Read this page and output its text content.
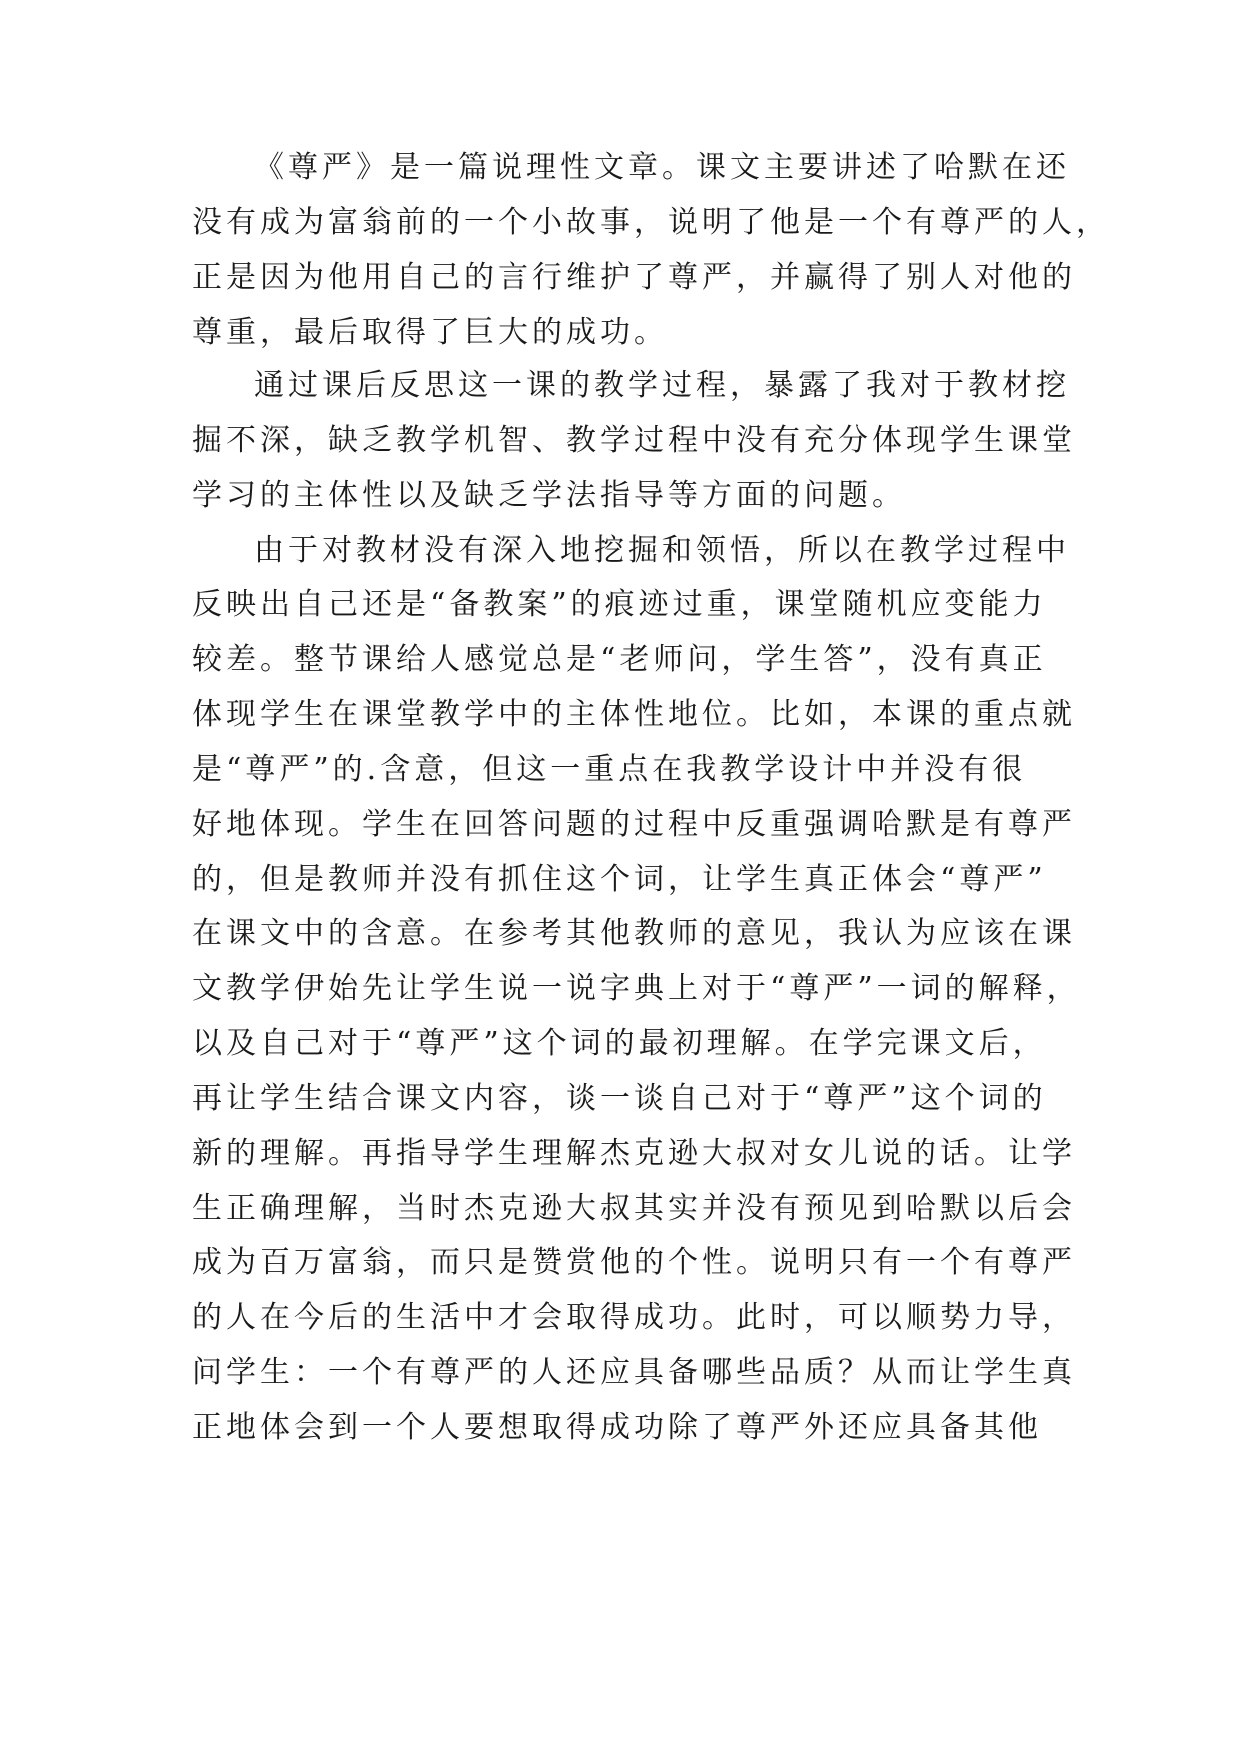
《尊严》是一篇说理性文章。课文主要讲述了哈默在还
没有成为富翁前的一个小故事，说明了他是一个有尊严的人，
正是因为他用自己的言行维护了尊严，并赢得了别人对他的
尊重，最后取得了巨大的成功。
通过课后反思这一课的教学过程，暴露了我对于教材挖
掘不深，缺乏教学机智、教学过程中没有充分体现学生课堂
学习的主体性以及缺乏学法指导等方面的问题。
由于对教材没有深入地挖掘和领悟，所以在教学过程中
反映出自己还是“备教案”的痕迹过重，课堂随机应变能力
较差。整节课给人感觉总是“老师问，学生答”，没有真正
体现学生在课堂教学中的主体性地位。比如，本课的重点就
是“尊严”的.含意，但这一重点在我教学设计中并没有很
好地体现。学生在回答问题的过程中反重强调哈默是有尊严
的，但是教师并没有抓住这个词，让学生真正体会“尊严”
在课文中的含意。在参考其他教师的意见，我认为应该在课
文教学伊始先让学生说一说字典上对于“尊严”一词的解释，
以及自己对于“尊严”这个词的最初理解。在学完课文后，
再让学生结合课文内容，谈一谈自己对于“尊严”这个词的
新的理解。再指导学生理解杰克逊大叔对女儿说的话。让学
生正确理解，当时杰克逊大叔其实并没有预见到哈默以后会
成为百万富翁，而只是赞赏他的个性。说明只有一个有尊严
的人在今后的生活中才会取得成功。此时，可以顺势力导，
问学生：一个有尊严的人还应具备哪些品质？从而让学生真
正地体会到一个人要想取得成功除了尊严外还应具备其他
